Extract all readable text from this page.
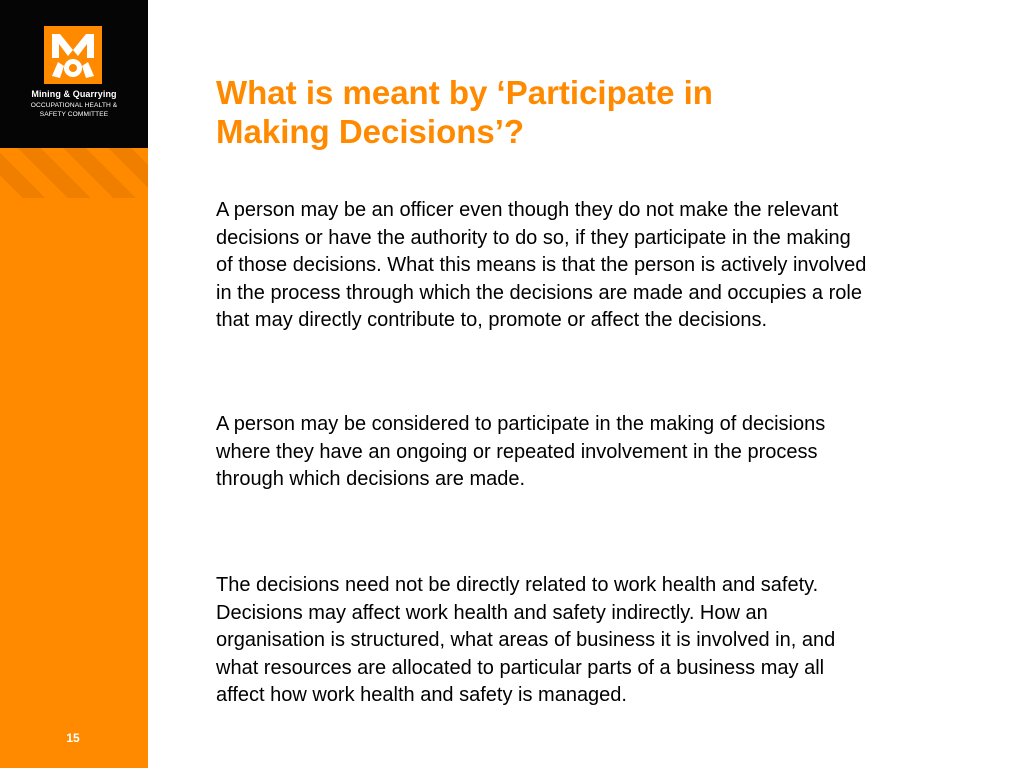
Mining & Quarrying
OCCUPATIONAL HEALTH &
SAFETY COMMITTEE
15
What is meant by ‘Participate in
Making Decisions’?

A person may be an officer even though they do not make the relevant
decisions or have the authority to do so, if they participate in the making
of those decisions. What this means is that the person is actively involved
in the process through which the decisions are made and occupies a role
that may directly contribute to, promote or affect the decisions.

A person may be considered to participate in the making of decisions
where they have an ongoing or repeated involvement in the process
through which decisions are made.

The decisions need not be directly related to work health and safety.
Decisions may affect work health and safety indirectly. How an
organisation is structured, what areas of business it is involved in, and
what resources are allocated to particular parts of a business may all
affect how work health and safety is managed.
